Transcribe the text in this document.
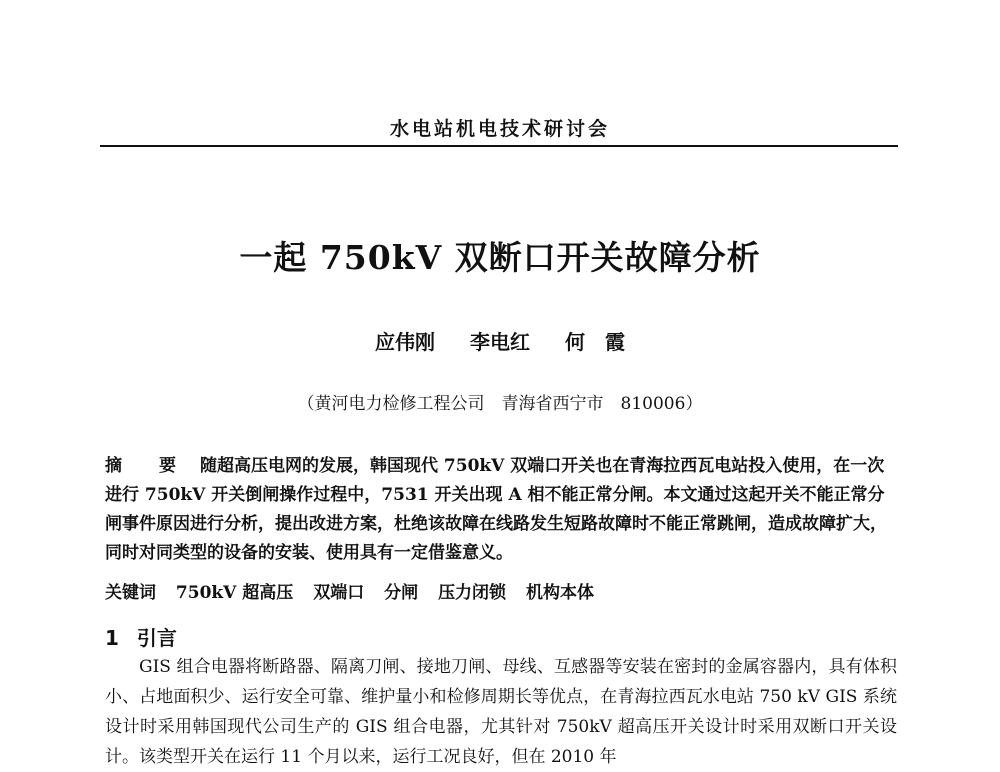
水电站机电技术研讨会
一起 750kV 双断口开关故障分析
应伟刚 李电红 何　霞
（黄河电力检修工程公司　青海省西宁市　810006）
摘　要 随超高压电网的发展，韩国现代 750kV 双端口开关也在青海拉西瓦电站投入使用，在一次进行 750kV 开关倒闸操作过程中，7531 开关出现 A 相不能正常分闸。本文通过这起开关不能正常分闸事件原因进行分析，提出改进方案，杜绝该故障在线路发生短路故障时不能正常跳闸，造成故障扩大，同时对同类型的设备的安装、使用具有一定借鉴意义。
关键词 750kV 超高压 双端口 分闸 压力闭锁 机构本体
1 引言

GIS 组合电器将断路器、隔离刀闸、接地刀闸、母线、互感器等安装在密封的金属容器内，具有体积小、占地面积少、运行安全可靠、维护量小和检修周期长等优点，在青海拉西瓦水电站 750 kV GIS 系统设计时采用韩国现代公司生产的 GIS 组合电器，尤其针对 750kV 超高压开关设计时采用双断口开关设计。该类型开关在运行 11 个月以来，运行工况良好，但在 2010 年
